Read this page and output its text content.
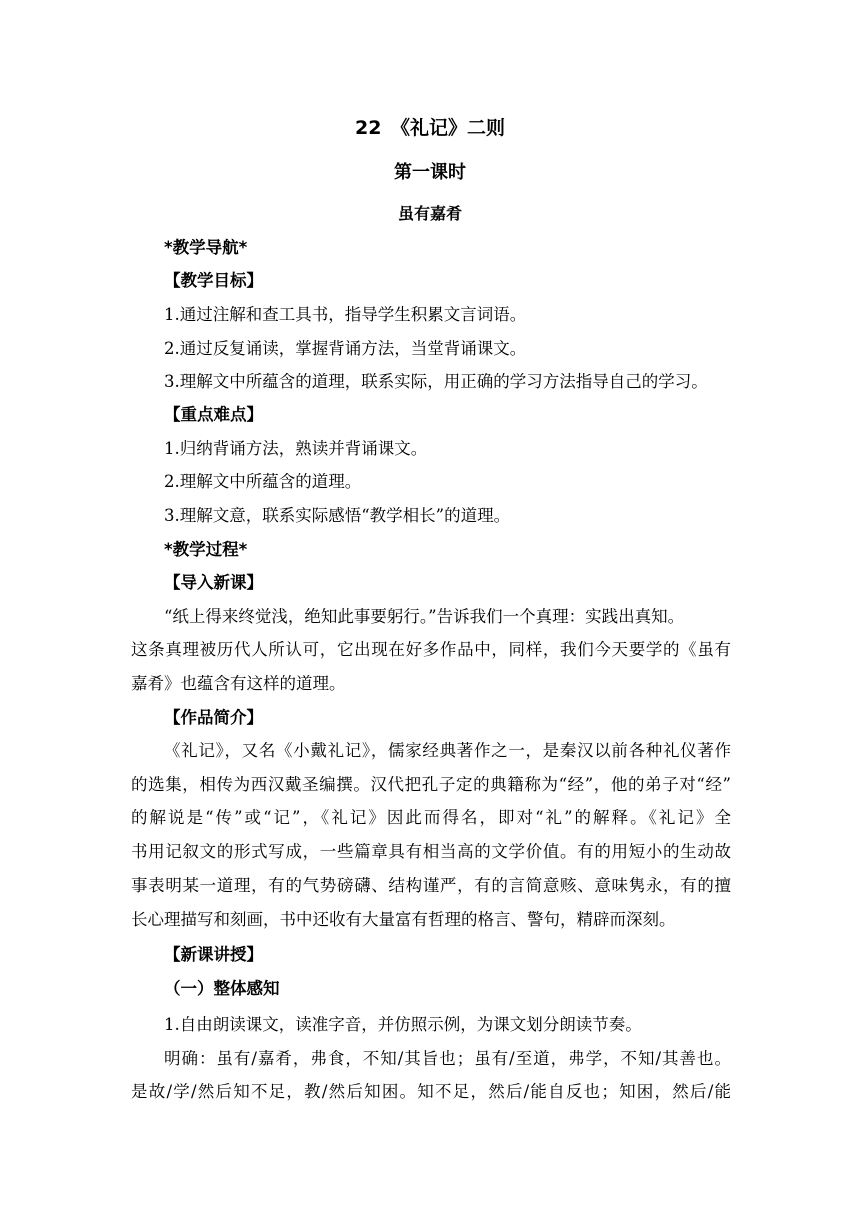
22　《礼记》二则
第一课时
虽有嘉肴
*教学导航*
【教学目标】
1.通过注解和查工具书，指导学生积累文言词语。
2.通过反复诵读，掌握背诵方法，当堂背诵课文。
3.理解文中所蕴含的道理，联系实际，用正确的学习方法指导自己的学习。
【重点难点】
1.归纳背诵方法，熟读并背诵课文。
2.理解文中所蕴含的道理。
3.理解文意，联系实际感悟“教学相长”的道理。
*教学过程*
【导入新课】
“纸上得来终觉浅，绝知此事要躬行。”告诉我们一个真理：实践出真知。
这条真理被历代人所认可，它出现在好多作品中，同样，我们今天要学的《虽有
嘉肴》也蕴含有这样的道理。
【作品简介】
《礼记》，又名《小戴礼记》，儒家经典著作之一，是秦汉以前各种礼仪著作
的选集，相传为西汉戴圣编撰。汉代把孔子定的典籍称为“经”，他的弟子对“经”
的解说是“传”或“记”，《礼记》因此而得名，即对“礼”的解释。《礼记》全
书用记叙文的形式写成，一些篇章具有相当高的文学价值。有的用短小的生动故
事表明某一道理，有的气势磅礴、结构谨严，有的言简意赅、意味隽永，有的擅
长心理描写和刻画，书中还收有大量富有哲理的格言、警句，精辟而深刻。
【新课讲授】
（一）整体感知
1.自由朗读课文，读准字音，并仿照示例，为课文划分朗读节奏。
明确：虽有/嘉肴，弗食，不知/其旨也；虽有/至道，弗学，不知/其善也。
是故/学/然后知不足，教/然后知困。知不足，然后/能自反也；知困，然后/能
